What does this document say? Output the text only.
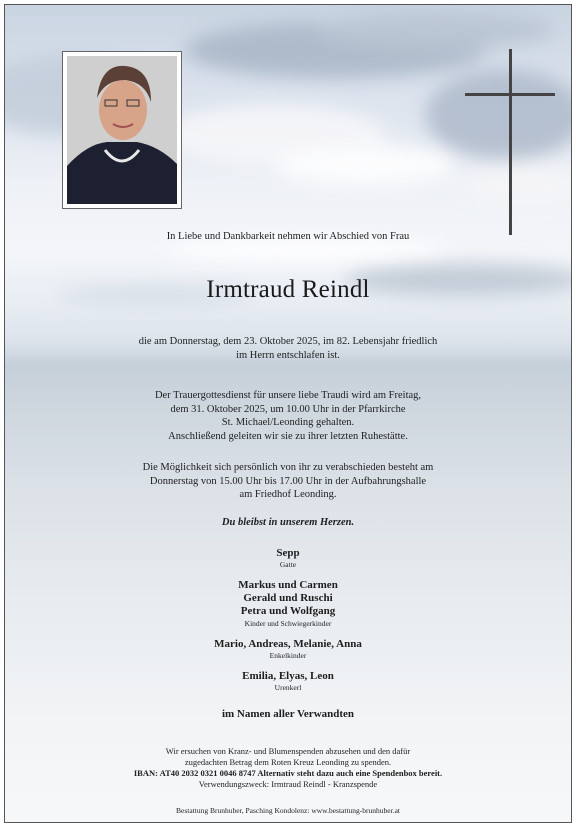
In Liebe und Dankbarkeit nehmen wir Abschied von Frau
Irmtraud Reindl
die am Donnerstag, dem 23. Oktober 2025, im 82. Lebensjahr friedlich
im Herrn entschlafen ist.
Der Trauergottesdienst für unsere liebe Traudi wird am Freitag,
dem 31. Oktober 2025, um 10.00 Uhr in der Pfarrkirche
St. Michael/Leonding gehalten.
Anschließend geleiten wir sie zu ihrer letzten Ruhestätte.
Die Möglichkeit sich persönlich von ihr zu verabschieden besteht am
Donnerstag von 15.00 Uhr bis 17.00 Uhr in der Aufbahrungshalle
am Friedhof Leonding.
Du bleibst in unserem Herzen.
Sepp
Gatte
Markus und Carmen
Gerald und Ruschi
Petra und Wolfgang
Kinder und Schwiegerkinder
Mario, Andreas, Melanie, Anna
Enkelkinder
Emilia, Elyas, Leon
Urenkerl
im Namen aller Verwandten
Wir ersuchen von Kranz- und Blumenspenden abzusehen und den dafür
zugedachten Betrag dem Roten Kreuz Leonding zu spenden.
IBAN: AT40 2032 0321 0046 8747 Alternativ steht dazu auch eine Spendenbox bereit.
Verwendungszweck: Irmtraud Reindl - Kranzspende
Bestattung Brunhuber, Pasching Kondolenz: www.bestattung-brunhuber.at
